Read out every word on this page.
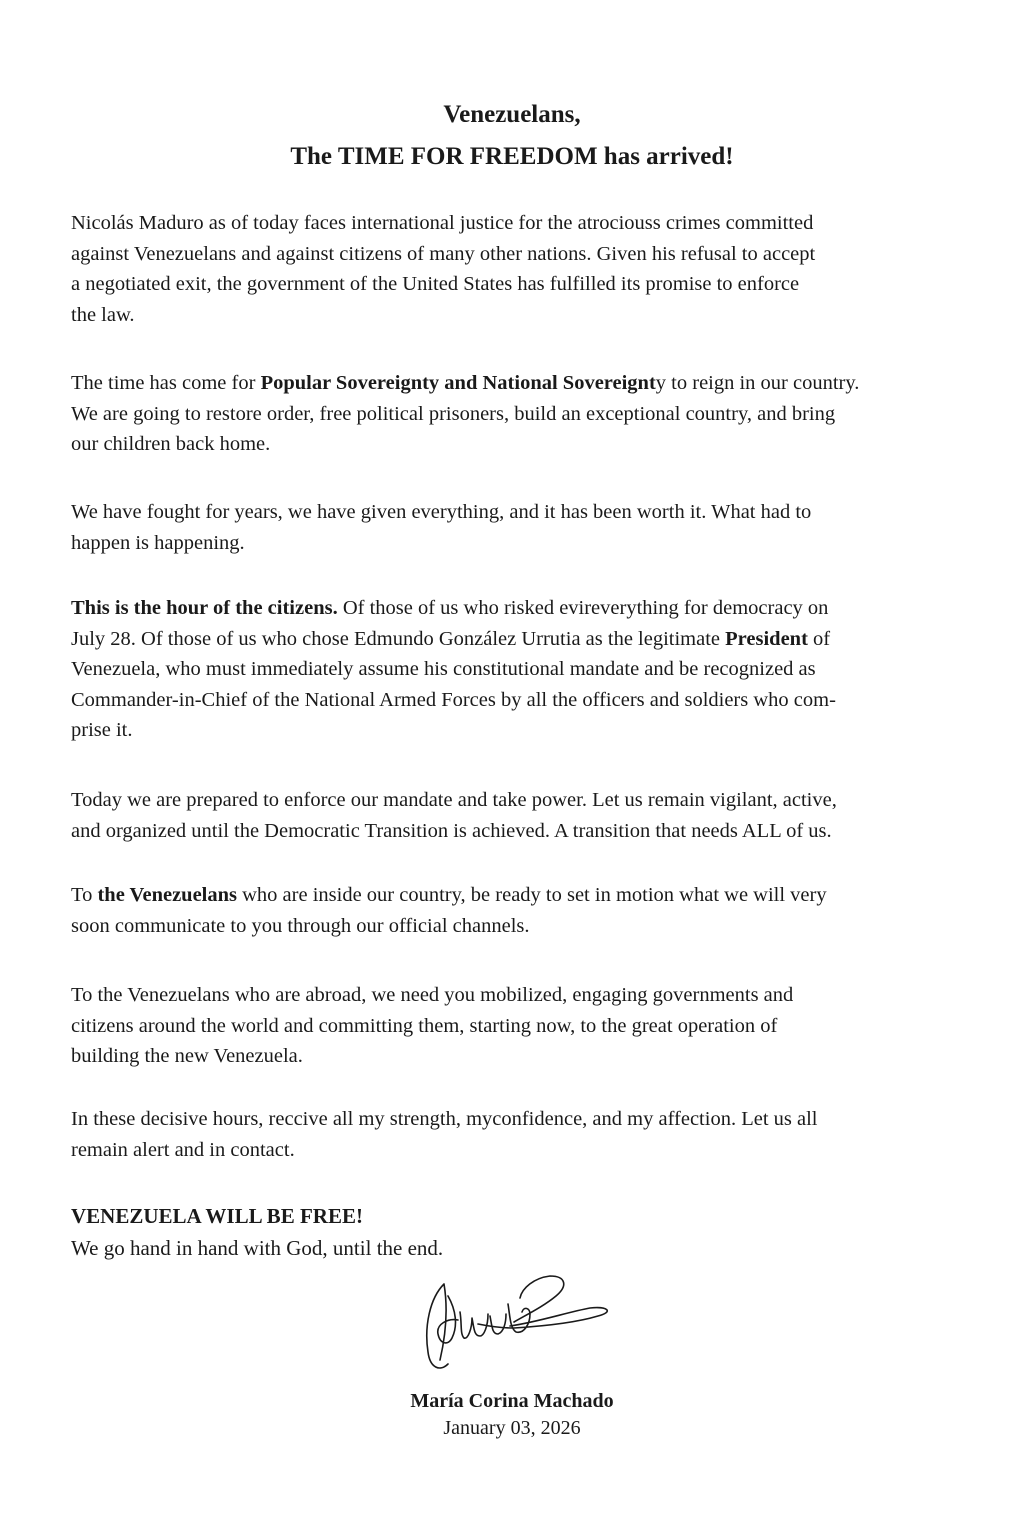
Venezuelans,
The TIME FOR FREEDOM has arrived!
Nicolás Maduro as of today faces international justice for the atrociouss crimes committed
against Venezuelans and against citizens of many other nations. Given his refusal to accept
a negotiated exit, the government of the United States has fulfilled its promise to enforce
the law.
The time has come for Popular Sovereignty and National Sovereignty to reign in our country.
We are going to restore order, free political prisoners, build an exceptional country, and bring
our children back home.
We have fought for years, we have given everything, and it has been worth it. What had to
happen is happening.
This is the hour of the citizens. Of those of us who risked evireverything for democracy on
July 28. Of those of us who chose Edmundo González Urrutia as the legitimate President of
Venezuela, who must immediately assume his constitutional mandate and be recognized as
Commander-in-Chief of the National Armed Forces by all the officers and soldiers who com-
prise it.
Today we are prepared to enforce our mandate and take power. Let us remain vigilant, active,
and organized until the Democratic Transition is achieved. A transition that needs ALL of us.
To the Venezuelans who are inside our country, be ready to set in motion what we will very
soon communicate to you through our official channels.
To the Venezuelans who are abroad, we need you mobilized, engaging governments and
citizens around the world and committing them, starting now, to the great operation of
building the new Venezuela.
In these decisive hours, reccive all my strength, myconfidence, and my affection. Let us all
remain alert and in contact.
VENEZUELA WILL BE FREE!
We go hand in hand with God, until the end.
María Corina Machado
January 03, 2026
